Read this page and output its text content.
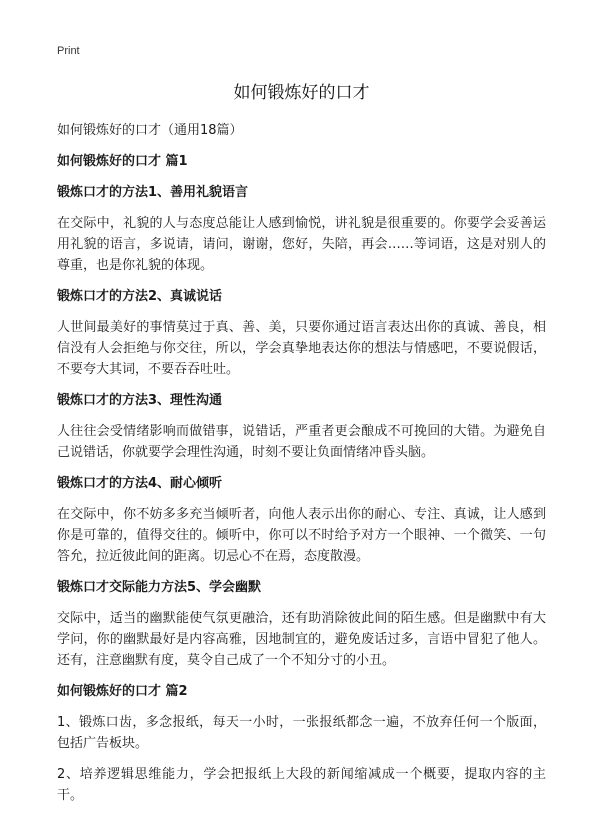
Print
如何锻炼好的口才
如何锻炼好的口才（通用18篇）
如何锻炼好的口才 篇1
锻炼口才的方法1、善用礼貌语言

在交际中，礼貌的人与态度总能让人感到愉悦，讲礼貌是很重要的。你要学会妥善运用礼貌的语言，多说请，请问，谢谢，您好，失陪，再会……等词语，这是对别人的尊重，也是你礼貌的体现。

锻炼口才的方法2、真诚说话

人世间最美好的事情莫过于真、善、美，只要你通过语言表达出你的真诚、善良，相信没有人会拒绝与你交往，所以，学会真挚地表达你的想法与情感吧，不要说假话，不要夸大其词，不要吞吞吐吐。

锻炼口才的方法3、理性沟通

人往往会受情绪影响而做错事，说错话，严重者更会酿成不可挽回的大错。为避免自己说错话，你就要学会理性沟通，时刻不要让负面情绪冲昏头脑。

锻炼口才的方法4、耐心倾听

在交际中，你不妨多多充当倾听者，向他人表示出你的耐心、专注、真诚，让人感到你是可靠的，值得交往的。倾听中，你可以不时给予对方一个眼神、一个微笑、一句答允，拉近彼此间的距离。切忌心不在焉，态度散漫。

锻炼口才交际能力方法5、学会幽默

交际中，适当的幽默能使气氛更融洽，还有助消除彼此间的陌生感。但是幽默中有大学问，你的幽默最好是内容高雅，因地制宜的，避免废话过多，言语中冒犯了他人。还有，注意幽默有度，莫令自己成了一个不知分寸的小丑。

如何锻炼好的口才 篇2

1、锻炼口齿，多念报纸，每天一小时，一张报纸都念一遍，不放弃任何一个版面，包括广告板块。

2、培养逻辑思维能力，学会把报纸上大段的新闻缩减成一个概要，提取内容的主干。
